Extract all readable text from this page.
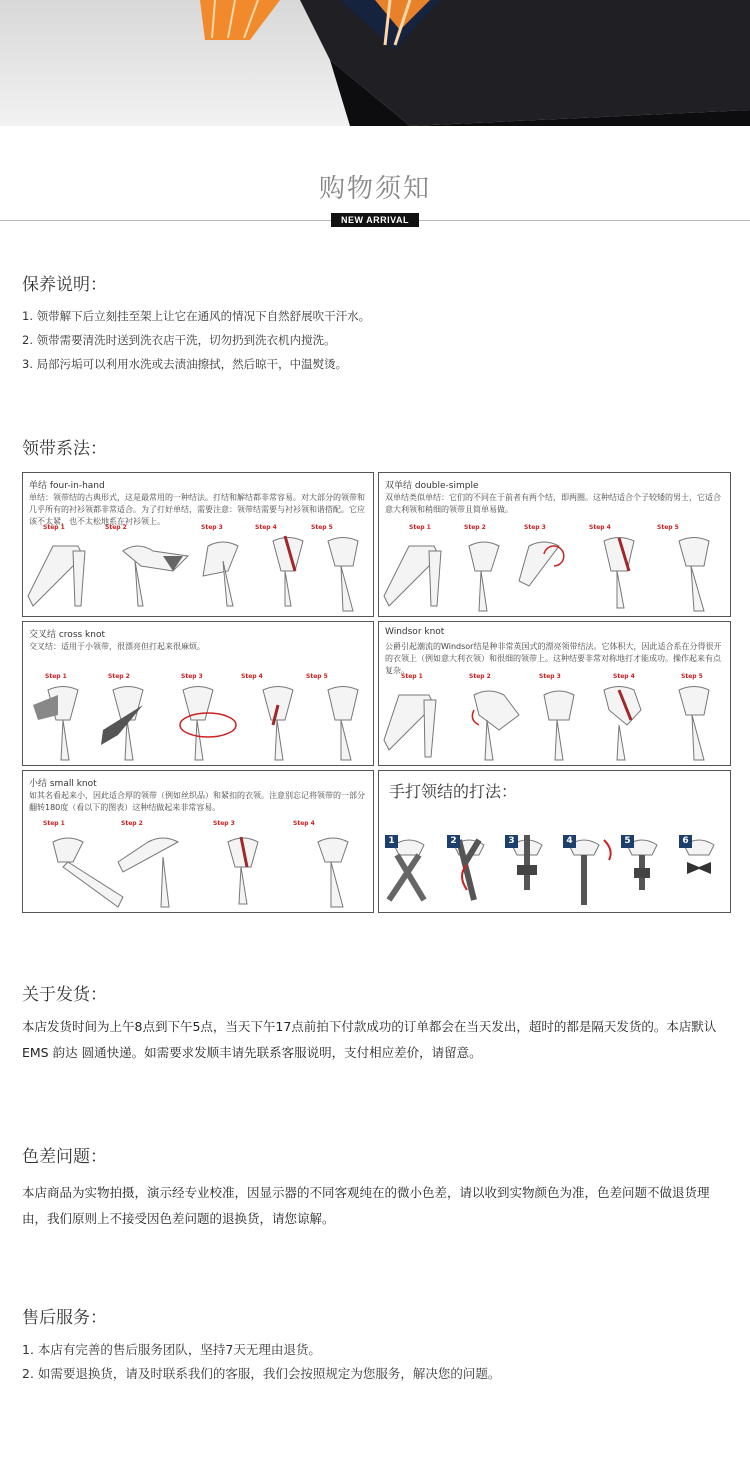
购物须知
NEW ARRIVAL
保养说明：
1. 领带解下后立刻挂至架上让它在通风的情况下自然舒展吹干汗水。
2. 领带需要清洗时送到洗衣店干洗，切勿扔到洗衣机内搅洗。
3. 局部污垢可以利用水洗或去渍油擦拭，然后晾干，中温熨烫。
领带系法：
单结 four-in-hand
单结：领带结的古典形式，这是最常用的一种结法。打结和解结都非常容易。对大部分的领带和几乎所有的衬衫领都非常适合。为了打好单结，需要注意：领带结需要与衬衫领和谐搭配。它应该不太紧，也不太松地系在衬衫领上。
Step 1	Step 2	Step 3	Step 4	Step 5
双单结 double-simple
双单结类似单结：它们的不同在于前者有两个结，即两圈。这种结适合个子较矮的男士，它适合意大利领和稍细的领带且简单易做。
Step 1	Step 2	Step 3	Step 4	Step 5
交叉结 cross knot
交叉结：适用于小领带，很漂亮但打起来很麻烦。
Step 1	Step 2	Step 3	Step 4	Step 5
Windsor knot
公爵引起潮流的Windsor结是种非常英国式的漂亮领带结法。它体积大，因此适合系在分得很开的衣领上（例如意大利衣领）和很细的领带上。这种结要非常对称地打才能成功。操作起来有点复杂。
Step 1	Step 2	Step 3	Step 4	Step 5
小结 small knot
如其名看起来小，因此适合厚的领带（例如丝织品）和紧扣的衣领。注意别忘记将领带的一部分翻转180度（看以下的图表）这种结做起来非常容易。
Step 1	Step 2	Step 3	Step 4
手打领结的打法：
1	2	3	4	5	6
关于发货：
本店发货时间为上午8点到下午5点，当天下午17点前拍下付款成功的订单都会在当天发出，超时的都是隔天发货的。本店默认EMS 韵达 圆通快递。如需要求发顺丰请先联系客服说明，支付相应差价，请留意。
色差问题：
本店商品为实物拍摄，演示经专业校准，因显示器的不同客观纯在的微小色差，请以收到实物颜色为准，色差问题不做退货理由，我们原则上不接受因色差问题的退换货，请您谅解。
售后服务：
1. 本店有完善的售后服务团队，坚持7天无理由退货。
2. 如需要退换货，请及时联系我们的客服，我们会按照规定为您服务，解决您的问题。
